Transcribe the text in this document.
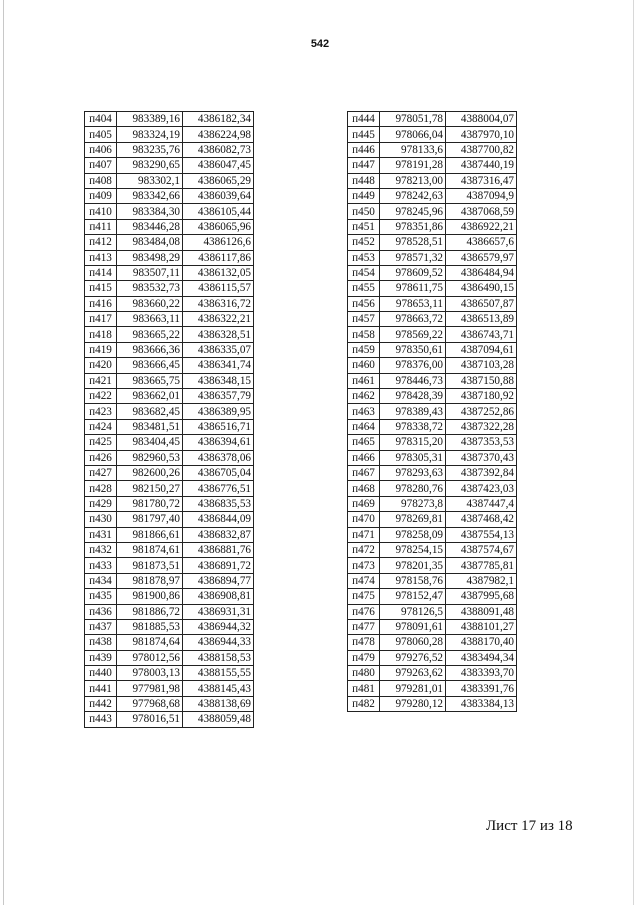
542
п404	983389,16	4386182,34
п405	983324,19	4386224,98
п406	983235,76	4386082,73
п407	983290,65	4386047,45
п408	983302,1	4386065,29
п409	983342,66	4386039,64
п410	983384,30	4386105,44
п411	983446,28	4386065,96
п412	983484,08	4386126,6
п413	983498,29	4386117,86
п414	983507,11	4386132,05
п415	983532,73	4386115,57
п416	983660,22	4386316,72
п417	983663,11	4386322,21
п418	983665,22	4386328,51
п419	983666,36	4386335,07
п420	983666,45	4386341,74
п421	983665,75	4386348,15
п422	983662,01	4386357,79
п423	983682,45	4386389,95
п424	983481,51	4386516,71
п425	983404,45	4386394,61
п426	982960,53	4386378,06
п427	982600,26	4386705,04
п428	982150,27	4386776,51
п429	981780,72	4386835,53
п430	981797,40	4386844,09
п431	981866,61	4386832,87
п432	981874,61	4386881,76
п433	981873,51	4386891,72
п434	981878,97	4386894,77
п435	981900,86	4386908,81
п436	981886,72	4386931,31
п437	981885,53	4386944,32
п438	981874,64	4386944,33
п439	978012,56	4388158,53
п440	978003,13	4388155,55
п441	977981,98	4388145,43
п442	977968,68	4388138,69
п443	978016,51	4388059,48
п444	978051,78	4388004,07
п445	978066,04	4387970,10
п446	978133,6	4387700,82
п447	978191,28	4387440,19
п448	978213,00	4387316,47
п449	978242,63	4387094,9
п450	978245,96	4387068,59
п451	978351,86	4386922,21
п452	978528,51	4386657,6
п453	978571,32	4386579,97
п454	978609,52	4386484,94
п455	978611,75	4386490,15
п456	978653,11	4386507,87
п457	978663,72	4386513,89
п458	978569,22	4386743,71
п459	978350,61	4387094,61
п460	978376,00	4387103,28
п461	978446,73	4387150,88
п462	978428,39	4387180,92
п463	978389,43	4387252,86
п464	978338,72	4387322,28
п465	978315,20	4387353,53
п466	978305,31	4387370,43
п467	978293,63	4387392,84
п468	978280,76	4387423,03
п469	978273,8	4387447,4
п470	978269,81	4387468,42
п471	978258,09	4387554,13
п472	978254,15	4387574,67
п473	978201,35	4387785,81
п474	978158,76	4387982,1
п475	978152,47	4387995,68
п476	978126,5	4388091,48
п477	978091,61	4388101,27
п478	978060,28	4388170,40
п479	979276,52	4383494,34
п480	979263,62	4383393,70
п481	979281,01	4383391,76
п482	979280,12	4383384,13
Лист 17 из 18
